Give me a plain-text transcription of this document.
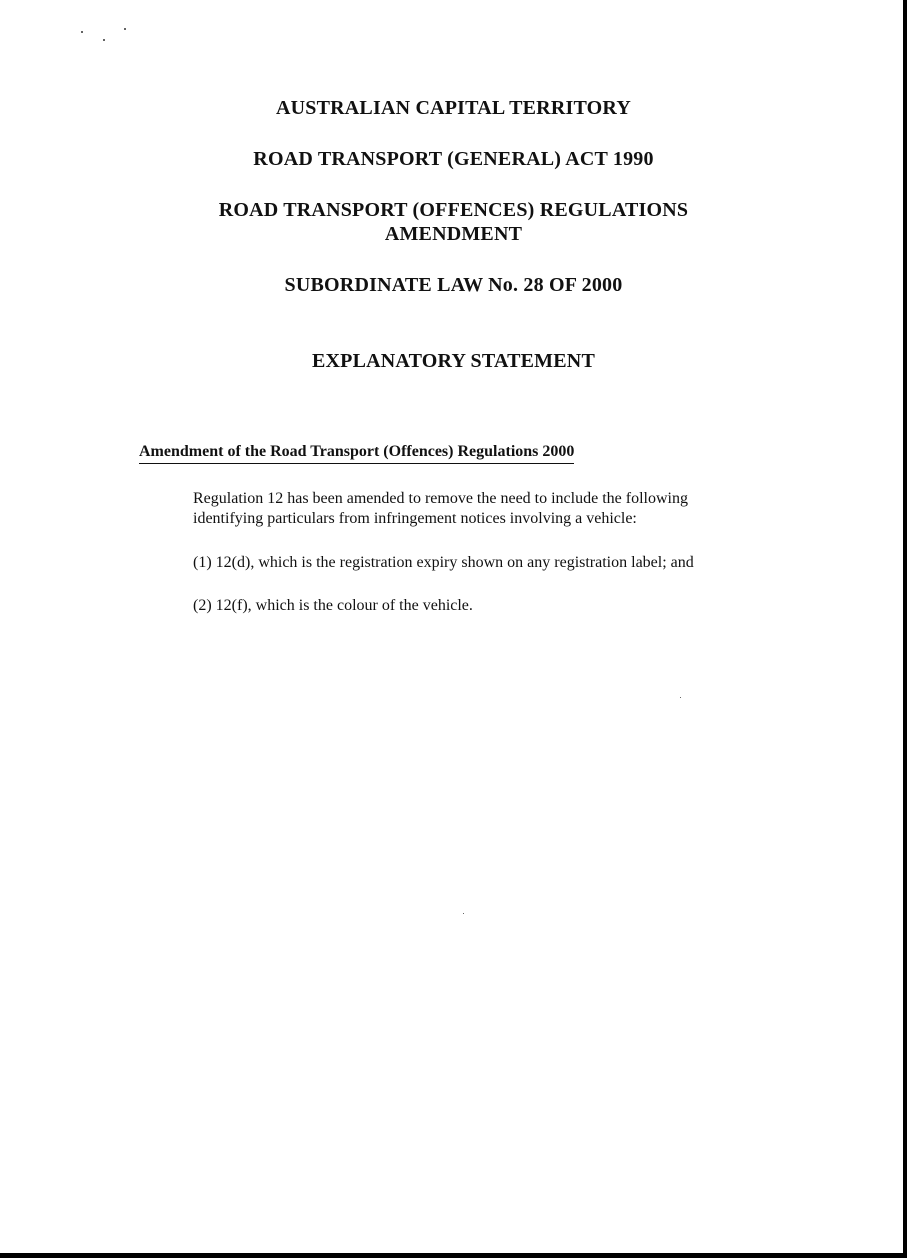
AUSTRALIAN CAPITAL TERRITORY
ROAD TRANSPORT (GENERAL) ACT 1990
ROAD TRANSPORT (OFFENCES) REGULATIONS
AMENDMENT
SUBORDINATE LAW No. 28 OF 2000
EXPLANATORY STATEMENT
Amendment of the Road Transport (Offences) Regulations 2000
Regulation 12 has been amended to remove the need to include the following
identifying particulars from infringement notices involving a vehicle:
(1) 12(d), which is the registration expiry shown on any registration label; and
(2) 12(f), which is the colour of the vehicle.
